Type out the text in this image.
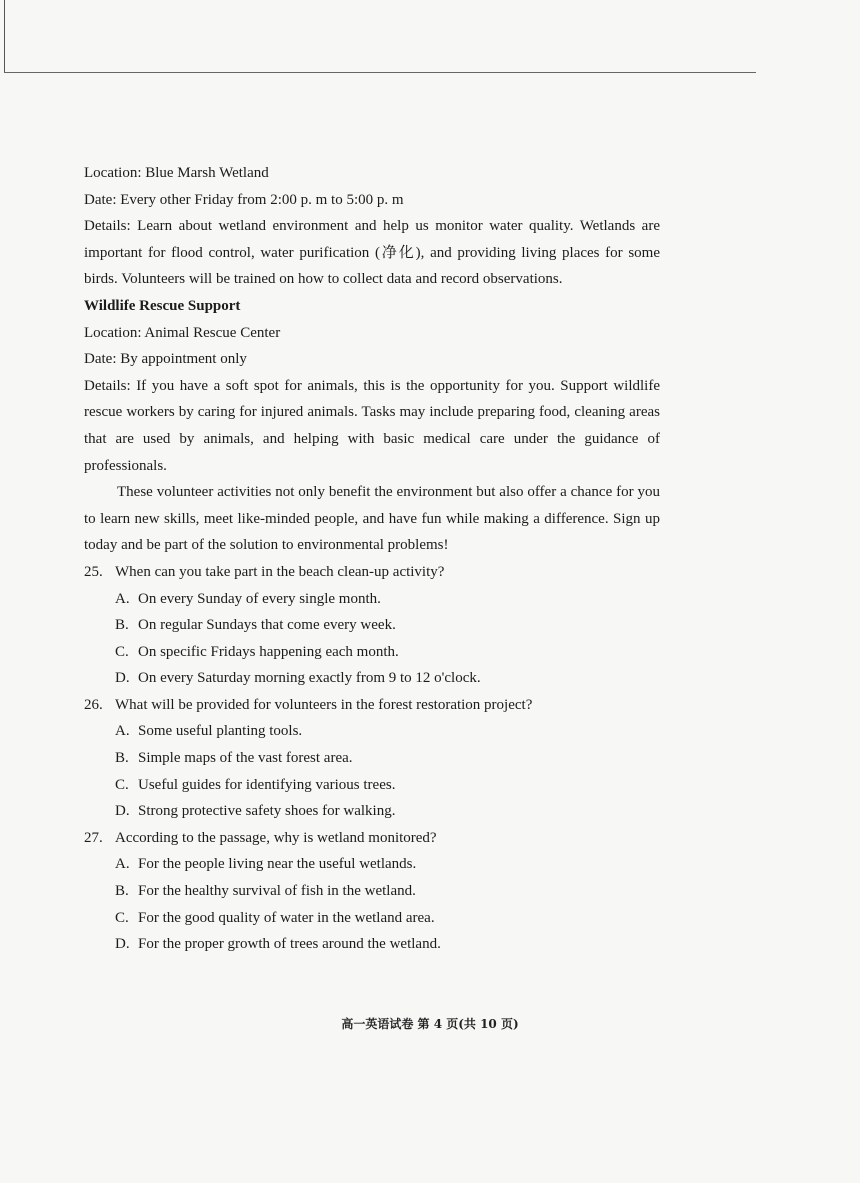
Location: Blue Marsh Wetland

Date: Every other Friday from 2:00 p. m to 5:00 p. m

Details: Learn about wetland environment and help us monitor water quality. Wetlands are important for flood control, water purification (净化), and providing living places for some birds. Volunteers will be trained on how to collect data and record observations.

Wildlife Rescue Support

Location: Animal Rescue Center

Date: By appointment only

Details: If you have a soft spot for animals, this is the opportunity for you. Support wildlife rescue workers by caring for injured animals. Tasks may include preparing food, cleaning areas that are used by animals, and helping with basic medical care under the guidance of professionals.

These volunteer activities not only benefit the environment but also offer a chance for you to learn new skills, meet like-minded people, and have fun while making a difference. Sign up today and be part of the solution to environmental problems!

25. When can you take part in the beach clean-up activity?

A. On every Sunday of every single month.

B. On regular Sundays that come every week.

C. On specific Fridays happening each month.

D. On every Saturday morning exactly from 9 to 12 o'clock.

26. What will be provided for volunteers in the forest restoration project?

A. Some useful planting tools.

B. Simple maps of the vast forest area.

C. Useful guides for identifying various trees.

D. Strong protective safety shoes for walking.

27. According to the passage, why is wetland monitored?

A. For the people living near the useful wetlands.

B. For the healthy survival of fish in the wetland.

C. For the good quality of water in the wetland area.

D. For the proper growth of trees around the wetland.

高一英语试卷 第 4 页(共 10 页)
